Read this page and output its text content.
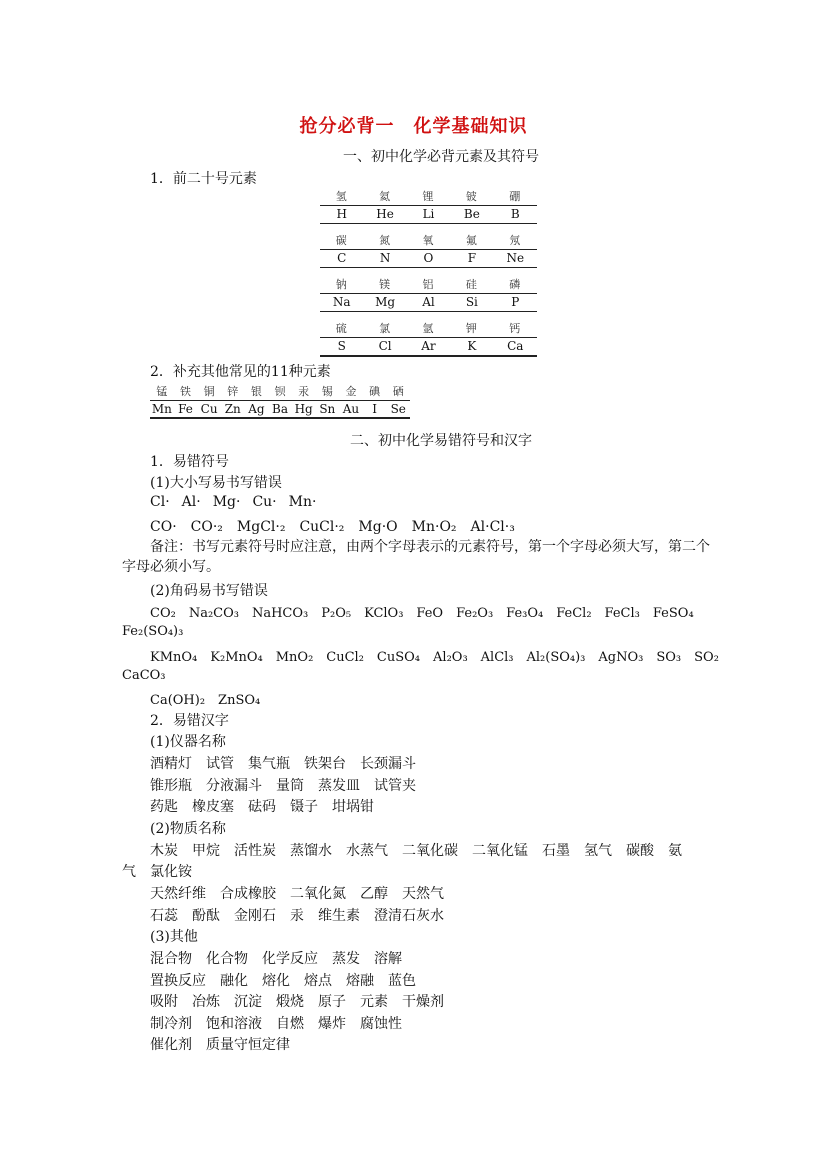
抢分必背一　化学基础知识
一、初中化学必背元素及其符号
1．前二十号元素
氢	氦	锂	铍	硼
H	He	Li	Be	B
碳	氮	氧	氟	氖
C	N	O	F	Ne
钠	镁	铝	硅	磷
Na	Mg	Al	Si	P
硫	氯	氩	钾	钙
S	Cl	Ar	K	Ca
2．补充其他常见的11种元素
锰	铁	铜	锌	银	钡	汞	锡	金	碘	硒
Mn Fe Cu Zn Ag Ba Hg Sn Au	I	Se
二、初中化学易错符号和汉字
1．易错符号
(1)大小写易书写错误
Cl· Al· Mg· Cu· Mn·
CO·　CO·₂　MgCl·₂　CuCl·₂　Mg·O　Mn·O₂　Al·Cl·₃
备注：书写元素符号时应注意，由两个字母表示的元素符号，第一个字母必须大写，第二个字母必须小写。
(2)角码易书写错误
CO₂　Na₂CO₃　NaHCO₃　P₂O₅　KClO₃　FeO　Fe₂O₃　Fe₃O₄　FeCl₂　FeCl₃　FeSO₄
Fe₂(SO₄)₃
KMnO₄　K₂MnO₄　MnO₂　CuCl₂　CuSO₄　Al₂O₃　AlCl₃　Al₂(SO₄)₃　AgNO₃　SO₃　SO₂
CaCO₃
Ca(OH)₂　ZnSO₄
2．易错汉字
(1)仪器名称
酒精灯　试管　集气瓶　铁架台　长颈漏斗
锥形瓶　分液漏斗　量筒　蒸发皿　试管夹
药匙　橡皮塞　砝码　镊子　坩埚钳
(2)物质名称
木炭　甲烷　活性炭　蒸馏水　水蒸气　二氧化碳　二氧化锰　石墨　氢气　碳酸　氨
气　氯化铵
天然纤维　合成橡胶　二氧化氮　乙醇　天然气
石蕊　酚酞　金刚石　汞　维生素　澄清石灰水
(3)其他
混合物　化合物　化学反应　蒸发　溶解
置换反应　融化　熔化　熔点　熔融　蓝色
吸附　冶炼　沉淀　煅烧　原子　元素　干燥剂
制冷剂　饱和溶液　自燃　爆炸　腐蚀性
催化剂　质量守恒定律
